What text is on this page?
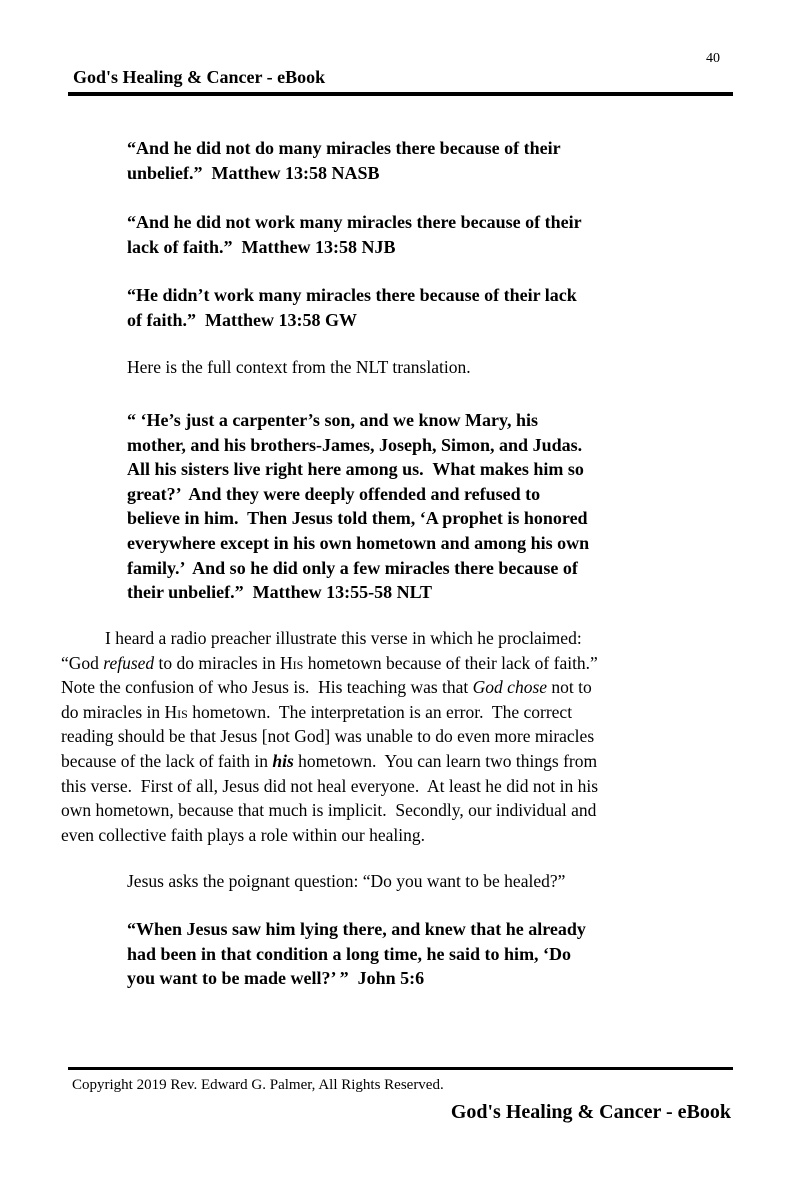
40
God's Healing & Cancer - eBook
“And he did not do many miracles there because of their
unbelief.”  Matthew 13:58 NASB
“And he did not work many miracles there because of their
lack of faith.”  Matthew 13:58 NJB
“He didn’t work many miracles there because of their lack
of faith.”  Matthew 13:58 GW
Here is the full context from the NLT translation.
“ ‘He’s just a carpenter’s son, and we know Mary, his
mother, and his brothers-James, Joseph, Simon, and Judas.
All his sisters live right here among us.  What makes him so
great?’  And they were deeply offended and refused to
believe in him.  Then Jesus told them, ‘A prophet is honored
everywhere except in his own hometown and among his own
family.’  And so he did only a few miracles there because of
their unbelief.”  Matthew 13:55-58 NLT
I heard a radio preacher illustrate this verse in which he proclaimed:
“God refused to do miracles in His hometown because of their lack of faith.”
Note the confusion of who Jesus is.  His teaching was that God chose not to
do miracles in His hometown.  The interpretation is an error.  The correct
reading should be that Jesus [not God] was unable to do even more miracles
because of the lack of faith in his hometown.  You can learn two things from
this verse.  First of all, Jesus did not heal everyone.  At least he did not in his
own hometown, because that much is implicit.  Secondly, our individual and
even collective faith plays a role within our healing.
Jesus asks the poignant question: “Do you want to be healed?”
“When Jesus saw him lying there, and knew that he already
had been in that condition a long time, he said to him, ‘Do
you want to be made well?’ ”  John 5:6
Copyright 2019 Rev. Edward G. Palmer, All Rights Reserved.
God's Healing & Cancer - eBook
